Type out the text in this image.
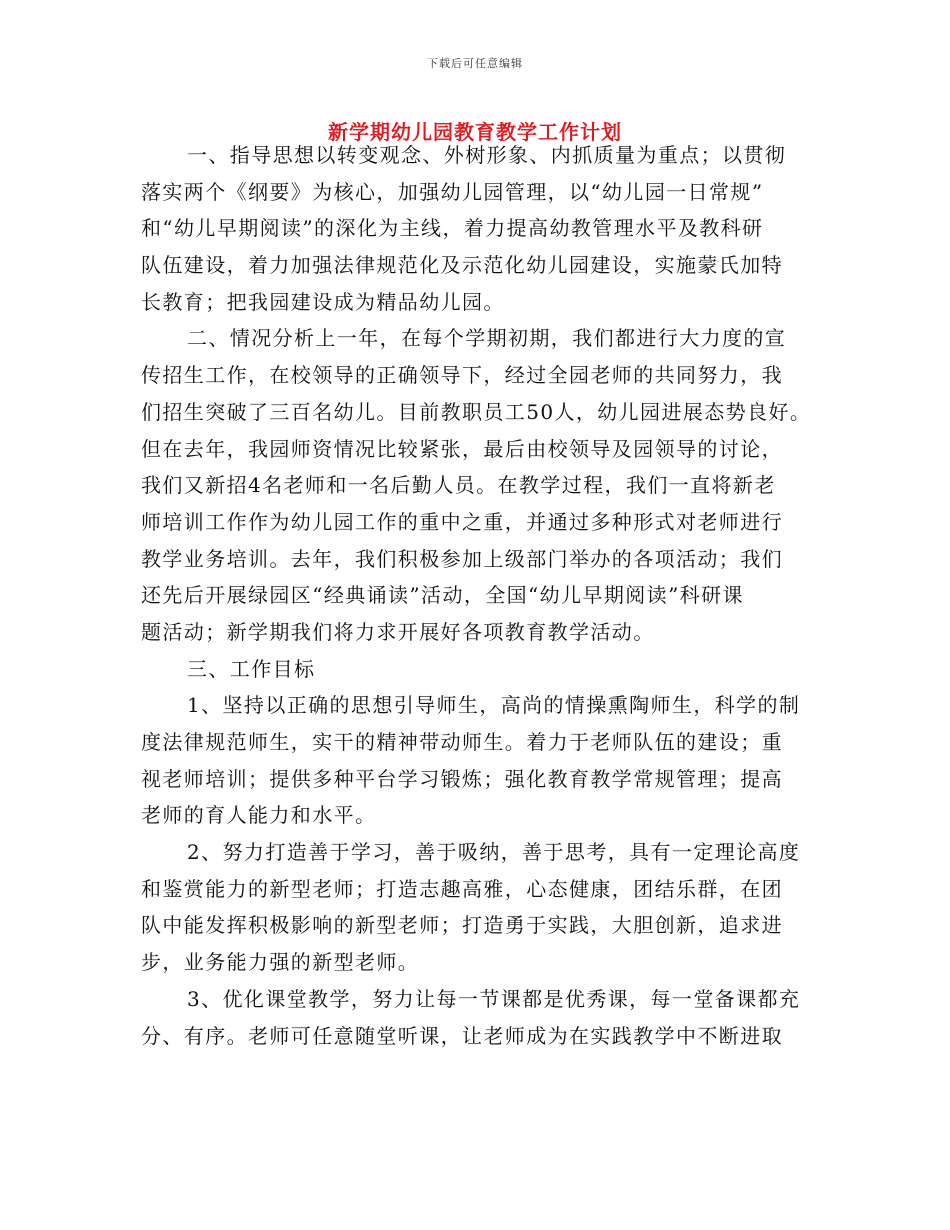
下载后可任意编辑
新学期幼儿园教育教学工作计划
一、指导思想以转变观念、外树形象、内抓质量为重点；以贯彻
落实两个《纲要》为核心，加强幼儿园管理，以“幼儿园一日常规”
和“幼儿早期阅读”的深化为主线，着力提高幼教管理水平及教科研
队伍建设，着力加强法律规范化及示范化幼儿园建设，实施蒙氏加特
长教育；把我园建设成为精品幼儿园。
二、情况分析上一年，在每个学期初期，我们都进行大力度的宣
传招生工作，在校领导的正确领导下，经过全园老师的共同努力，我
们招生突破了三百名幼儿。目前教职员工50人，幼儿园进展态势良好。
但在去年，我园师资情况比较紧张，最后由校领导及园领导的讨论，
我们又新招4名老师和一名后勤人员。在教学过程，我们一直将新老
师培训工作作为幼儿园工作的重中之重，并通过多种形式对老师进行
教学业务培训。去年，我们积极参加上级部门举办的各项活动；我们
还先后开展绿园区“经典诵读”活动，全国“幼儿早期阅读”科研课
题活动；新学期我们将力求开展好各项教育教学活动。
三、工作目标
1、坚持以正确的思想引导师生，高尚的情操熏陶师生，科学的制
度法律规范师生，实干的精神带动师生。着力于老师队伍的建设；重
视老师培训；提供多种平台学习锻炼；强化教育教学常规管理；提高
老师的育人能力和水平。
2、努力打造善于学习，善于吸纳，善于思考，具有一定理论高度
和鉴赏能力的新型老师；打造志趣高雅，心态健康，团结乐群，在团
队中能发挥积极影响的新型老师；打造勇于实践，大胆创新，追求进
步，业务能力强的新型老师。
3、优化课堂教学，努力让每一节课都是优秀课，每一堂备课都充
分、有序。老师可任意随堂听课，让老师成为在实践教学中不断进取
